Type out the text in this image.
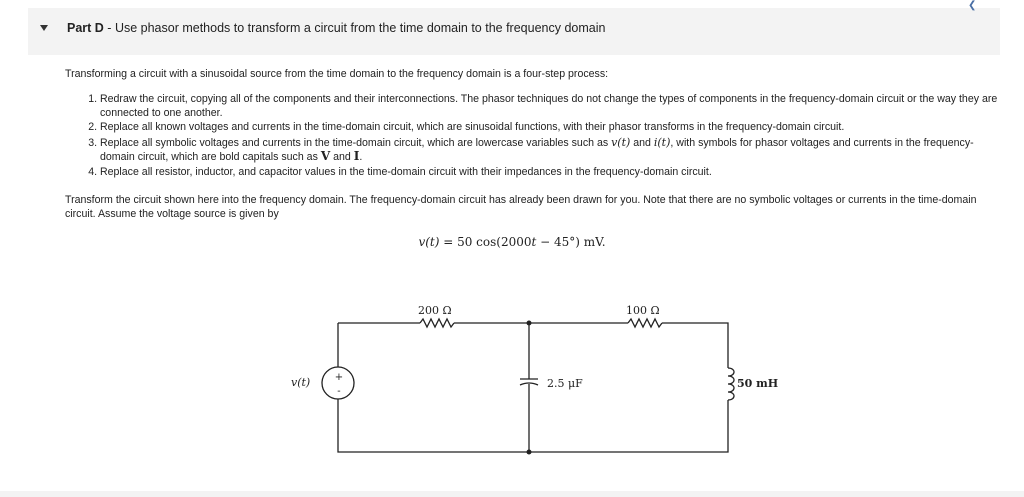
Part D - Use phasor methods to transform a circuit from the time domain to the frequency domain
❮
Transforming a circuit with a sinusoidal source from the time domain to the frequency domain is a four-step process:
1. Redraw the circuit, copying all of the components and their interconnections. The phasor techniques do not change the types of components in the frequency-domain circuit or the way they are connected to one another.
2. Replace all known voltages and currents in the time-domain circuit, which are sinusoidal functions, with their phasor transforms in the frequency-domain circuit.
3. Replace all symbolic voltages and currents in the time-domain circuit, which are lowercase variables such as v(t) and i(t), with symbols for phasor voltages and currents in the frequency-domain circuit, which are bold capitals such as V and I.
4. Replace all resistor, inductor, and capacitor values in the time-domain circuit with their impedances in the frequency-domain circuit.
Transform the circuit shown here into the frequency domain. The frequency-domain circuit has already been drawn for you. Note that there are no symbolic voltages or currents in the time-domain circuit. Assume the voltage source is given by
v(t) = 50 cos(2000t − 45°) mV.
+
-
v(t)
200 Ω	100 Ω
2.5 μF	50 mH
